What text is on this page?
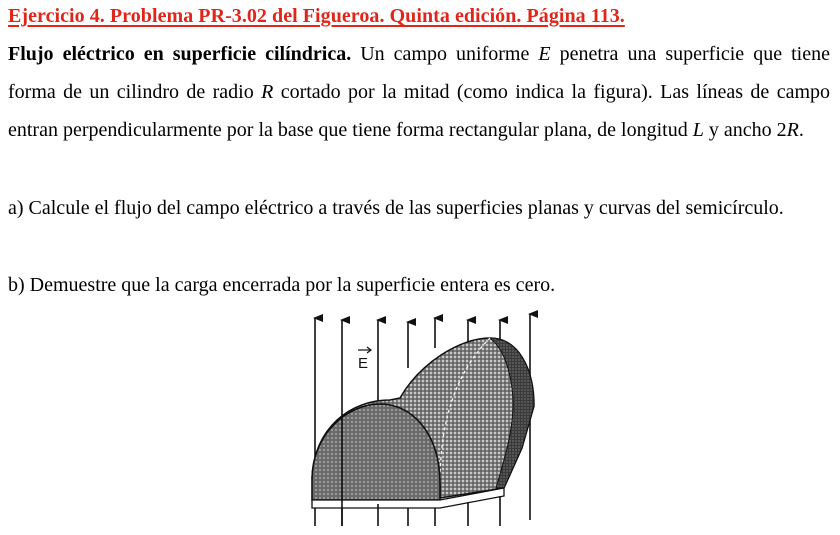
Ejercicio 4. Problema PR-3.02 del Figueroa. Quinta edición. Página 113.
Flujo eléctrico en superficie cilíndrica. Un campo uniforme E penetra una superficie que tiene forma de un cilindro de radio R cortado por la mitad (como indica la figura). Las líneas de campo entran perpendicularmente por la base que tiene forma rectangular plana, de longitud L y ancho 2R.
a) Calcule el flujo del campo eléctrico a través de las superficies planas y curvas del semicírculo.
b) Demuestre que la carga encerrada por la superficie entera es cero.
E
